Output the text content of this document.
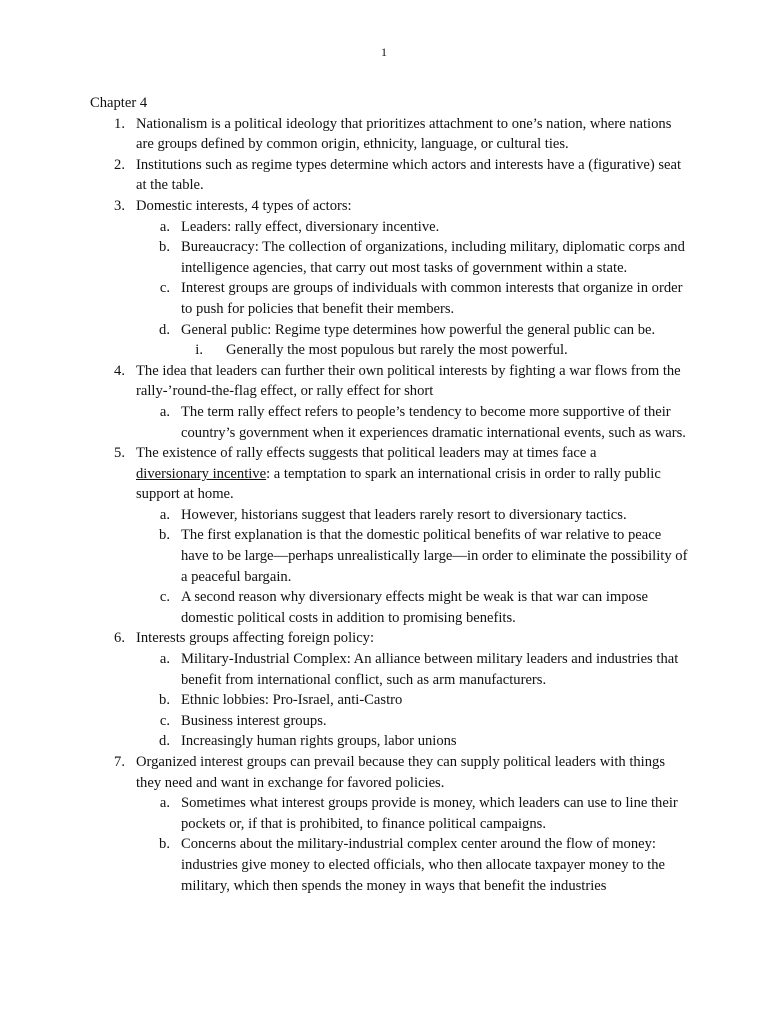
1
Chapter 4
1. Nationalism is a political ideology that prioritizes attachment to one’s nation, where nations are groups defined by common origin, ethnicity, language, or cultural ties.
2. Institutions such as regime types determine which actors and interests have a (figurative) seat at the table.
3. Domestic interests, 4 types of actors:
a. Leaders: rally effect, diversionary incentive.
b. Bureaucracy: The collection of organizations, including military, diplomatic corps and intelligence agencies, that carry out most tasks of government within a state.
c. Interest groups are groups of individuals with common interests that organize in order to push for policies that benefit their members.
d. General public: Regime type determines how powerful the general public can be.
i. Generally the most populous but rarely the most powerful.
4. The idea that leaders can further their own political interests by fighting a war flows from the rally-’round-the-flag effect, or rally effect for short
a. The term rally effect refers to people’s tendency to become more supportive of their country’s government when it experiences dramatic international events, such as wars.
5. The existence of rally effects suggests that political leaders may at times face a
diversionary incentive: a temptation to spark an international crisis in order to rally public support at home.
a. However, historians suggest that leaders rarely resort to diversionary tactics.
b. The first explanation is that the domestic political benefits of war relative to peace have to be large—perhaps unrealistically large—in order to eliminate the possibility of a peaceful bargain.
c. A second reason why diversionary effects might be weak is that war can impose domestic political costs in addition to promising benefits.
6. Interests groups affecting foreign policy:
a. Military-Industrial Complex: An alliance between military leaders and industries that benefit from international conflict, such as arm manufacturers.
b. Ethnic lobbies: Pro-Israel, anti-Castro
c. Business interest groups.
d. Increasingly human rights groups, labor unions
7. Organized interest groups can prevail because they can supply political leaders with things they need and want in exchange for favored policies.
a. Sometimes what interest groups provide is money, which leaders can use to line their pockets or, if that is prohibited, to finance political campaigns.
b. Concerns about the military-industrial complex center around the flow of money: industries give money to elected officials, who then allocate taxpayer money to the military, which then spends the money in ways that benefit the industries
